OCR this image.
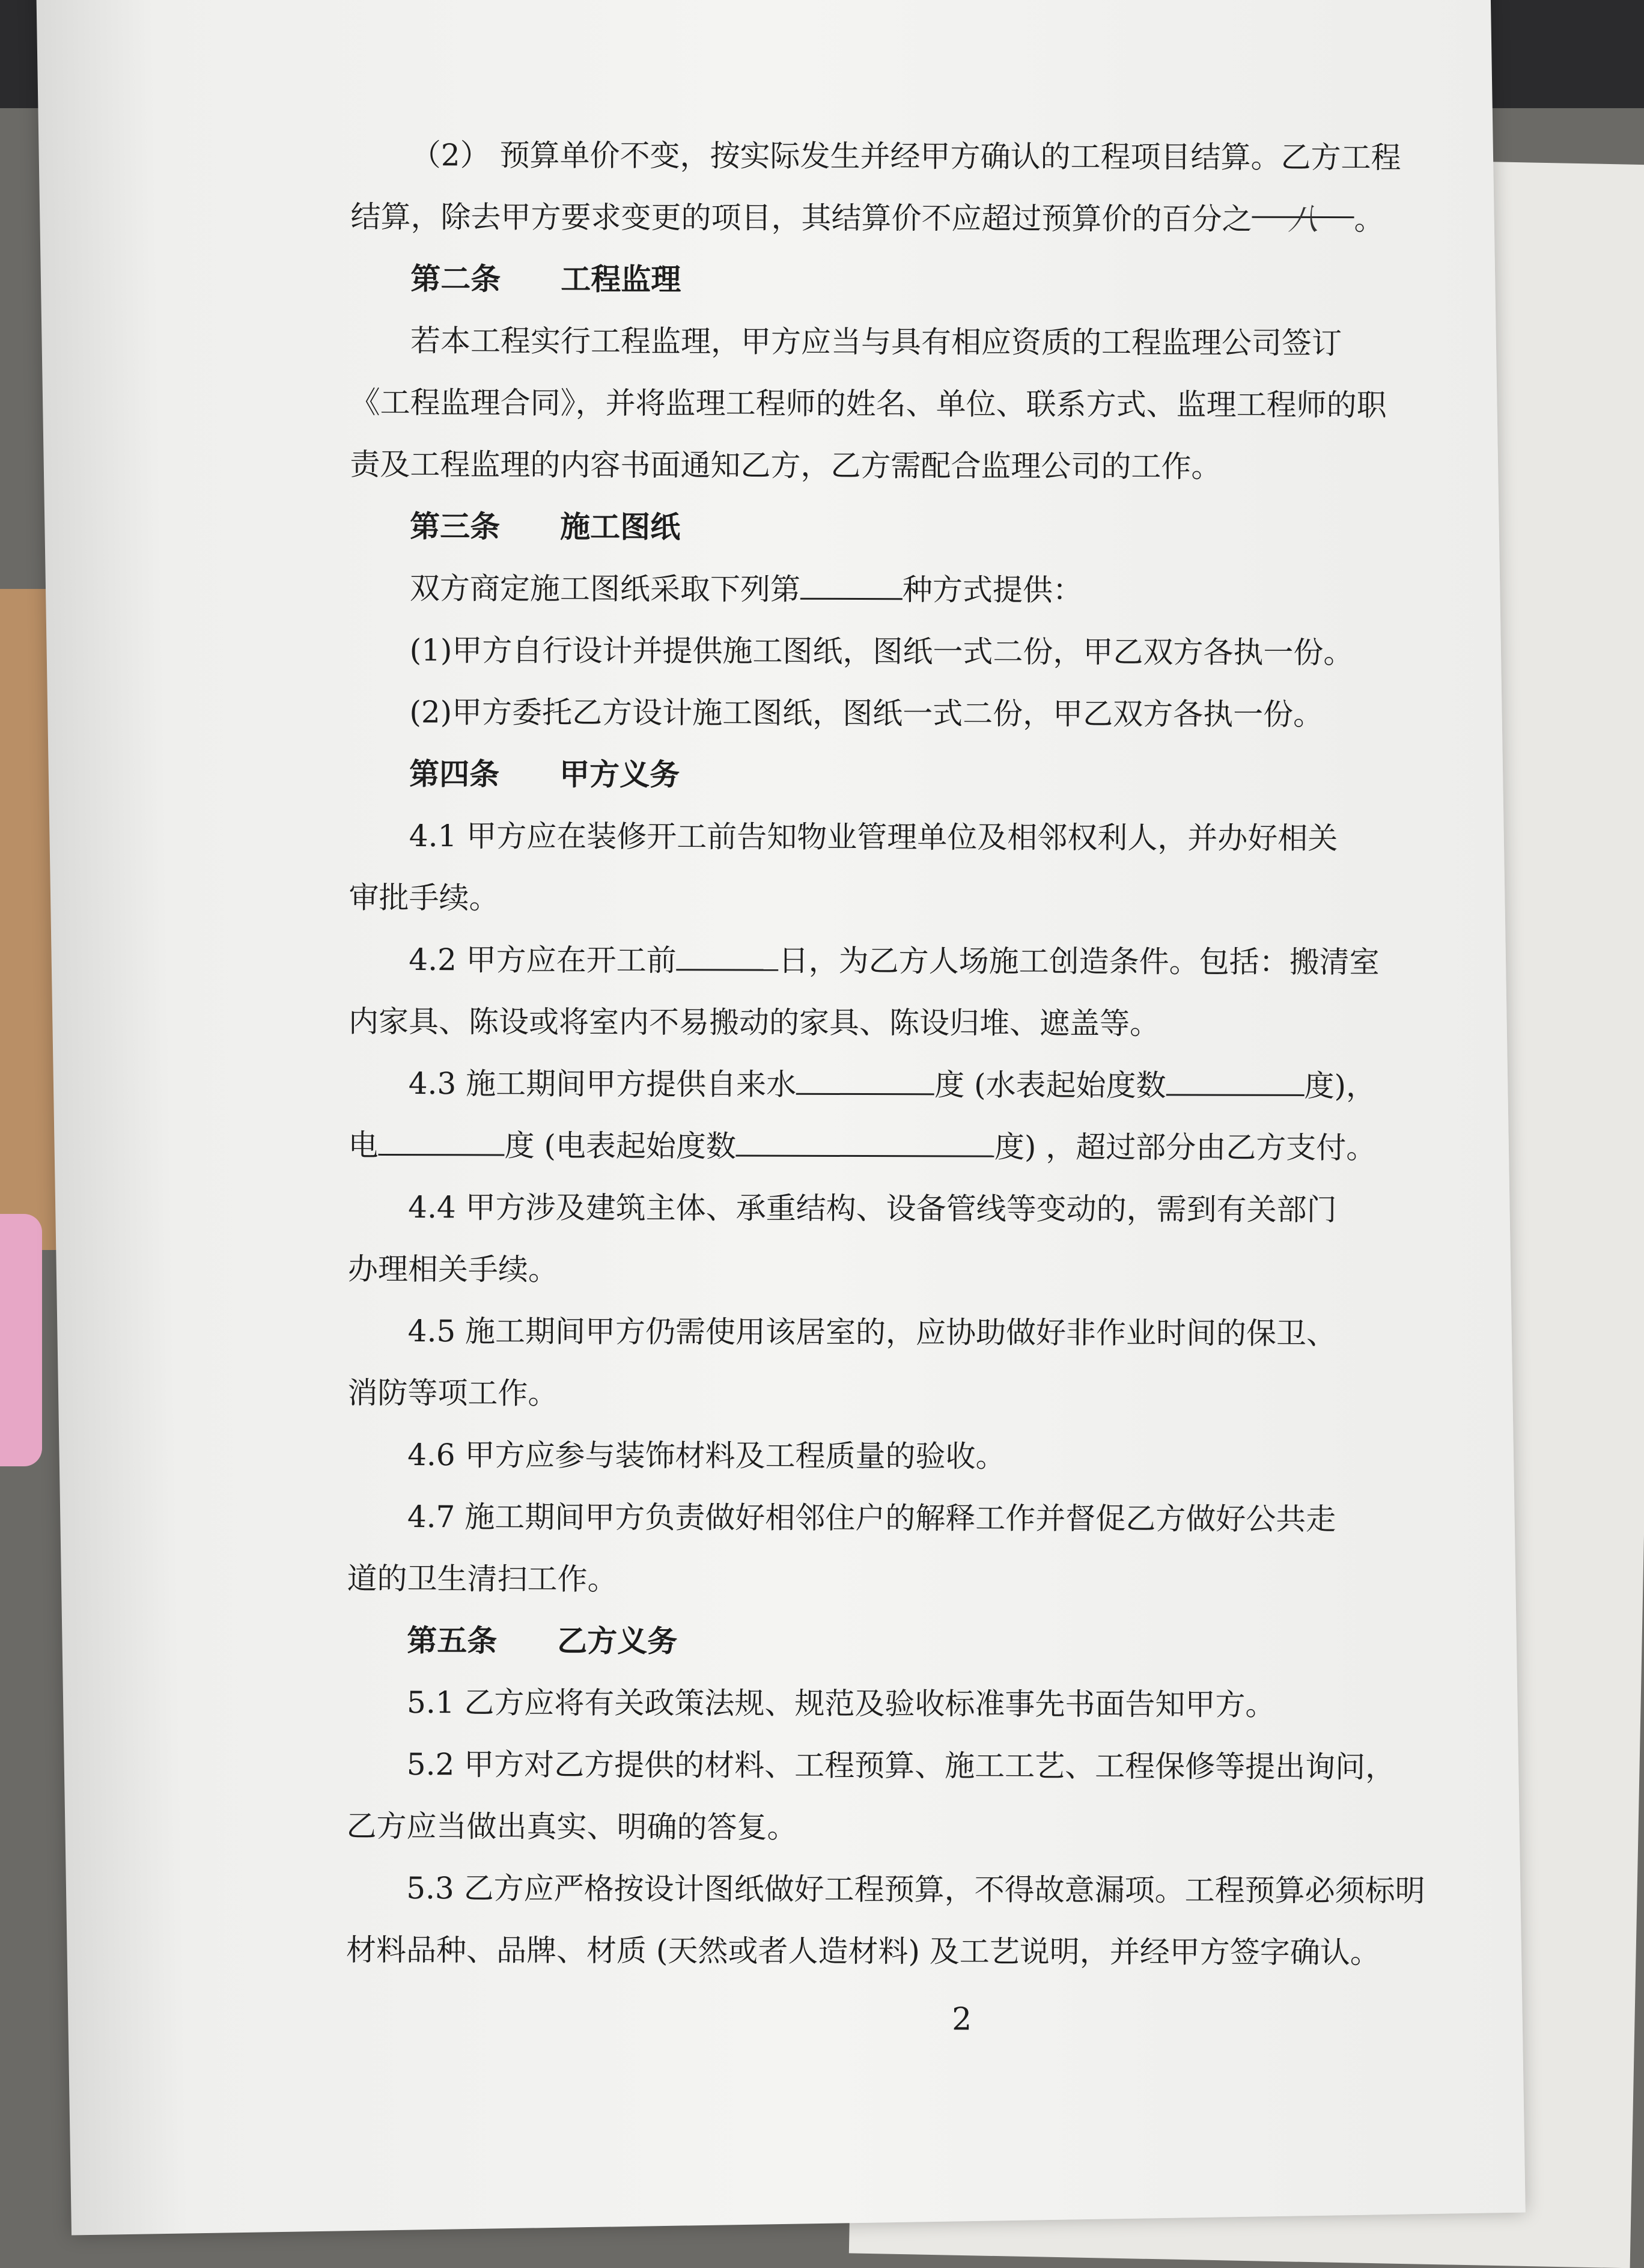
（2） 预算单价不变，按实际发生并经甲方确认的工程项目结算。乙方工程

结算，除去甲方要求变更的项目，其结算价不应超过预算价的百分之 八 。

第二条 工程监理

若本工程实行工程监理，甲方应当与具有相应资质的工程监理公司签订

《工程监理合同》，并将监理工程师的姓名、单位、联系方式、监理工程师的职

责及工程监理的内容书面通知乙方，乙方需配合监理公司的工作。

第三条 施工图纸

双方商定施工图纸采取下列第	种方式提供：

(1)甲方自行设计并提供施工图纸，图纸一式二份，甲乙双方各执一份。

(2)甲方委托乙方设计施工图纸，图纸一式二份，甲乙双方各执一份。

第四条 甲方义务

4.1 甲方应在装修开工前告知物业管理单位及相邻权利人，并办好相关

审批手续。

4.2 甲方应在开工前	日，为乙方人场施工创造条件。包括：搬清室

内家具、陈设或将室内不易搬动的家具、陈设归堆、遮盖等。

4.3 施工期间甲方提供自来水	度 (水表起始度数	度)，

电	度 (电表起始度数	度) ，超过部分由乙方支付。

4.4 甲方涉及建筑主体、承重结构、设备管线等变动的，需到有关部门

办理相关手续。

4.5 施工期间甲方仍需使用该居室的，应协助做好非作业时间的保卫、

消防等项工作。

4.6 甲方应参与装饰材料及工程质量的验收。

4.7 施工期间甲方负责做好相邻住户的解释工作并督促乙方做好公共走

道的卫生清扫工作。

第五条 乙方义务

5.1 乙方应将有关政策法规、规范及验收标准事先书面告知甲方。

5.2 甲方对乙方提供的材料、工程预算、施工工艺、工程保修等提出询问，

乙方应当做出真实、明确的答复。

5.3 乙方应严格按设计图纸做好工程预算，不得故意漏项。工程预算必须标明

材料品种、品牌、材质 (天然或者人造材料) 及工艺说明，并经甲方签字确认。

2
